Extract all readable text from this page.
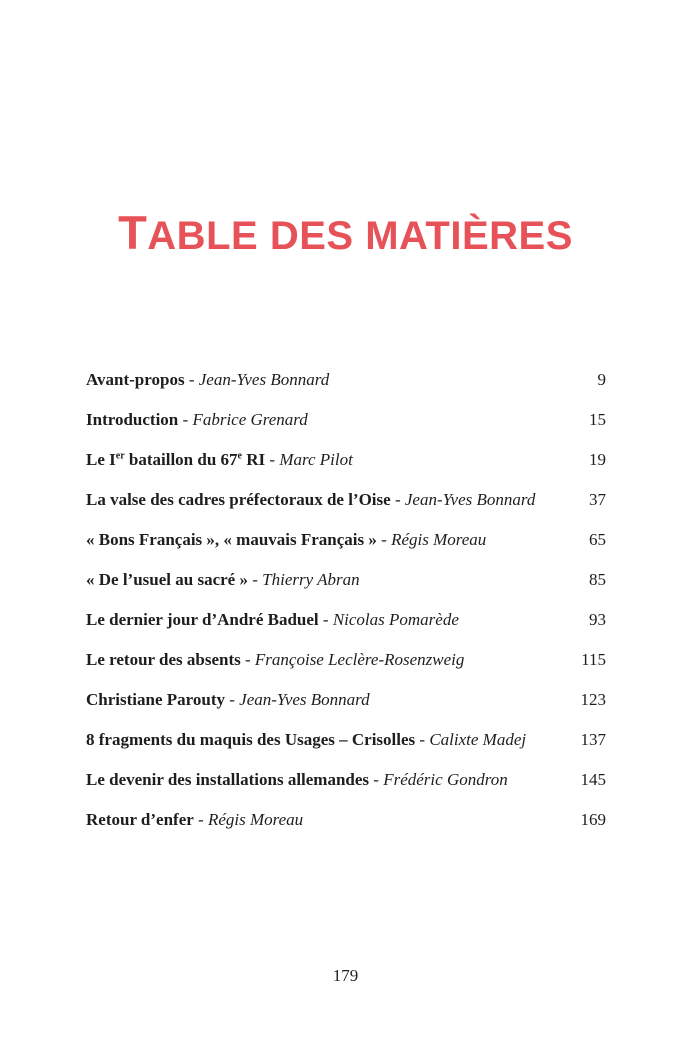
TABLE DES MATIÈRES
Avant-propos - Jean-Yves Bonnard	9
Introduction - Fabrice Grenard	15
Le Ier bataillon du 67e RI - Marc Pilot	19
La valse des cadres préfectoraux de l’Oise - Jean-Yves Bonnard	37
« Bons Français », « mauvais Français » - Régis Moreau	65
« De l’usuel au sacré » - Thierry Abran	85
Le dernier jour d’André Baduel - Nicolas Pomarède	93
Le retour des absents - Françoise Leclère-Rosenzweig	115
Christiane Parouty - Jean-Yves Bonnard	123
8 fragments du maquis des Usages – Crisolles - Calixte Madej	137
Le devenir des installations allemandes - Frédéric Gondron	145
Retour d’enfer - Régis Moreau	169
179
